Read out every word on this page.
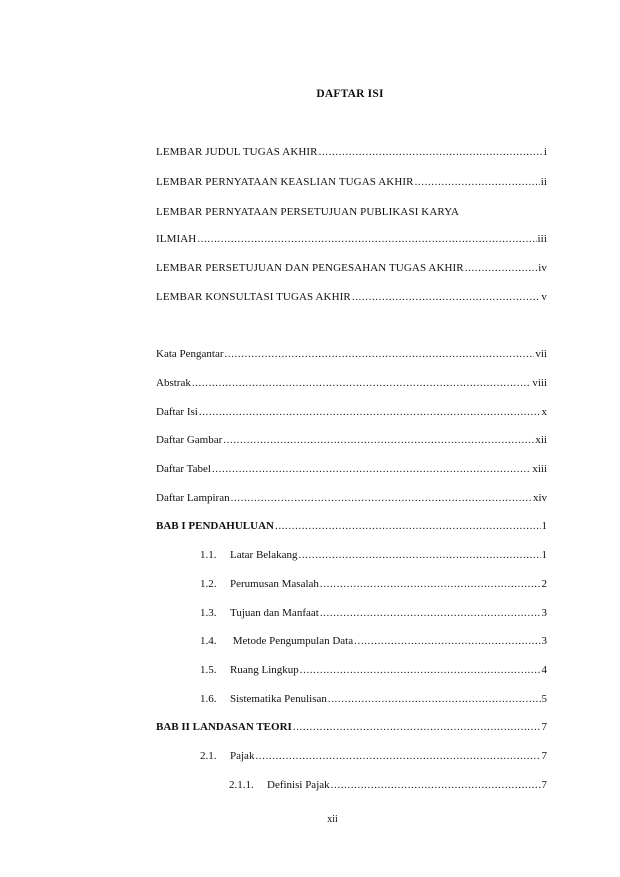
DAFTAR ISI
LEMBAR JUDUL TUGAS AKHIR .....	i
LEMBAR PERNYATAAN KEASLIAN TUGAS AKHIR .....	ii
LEMBAR PERNYATAAN PERSETUJUAN PUBLIKASI KARYA
ILMIAH .....	iii
LEMBAR PERSETUJUAN DAN PENGESAHAN TUGAS AKHIR .....	iv
LEMBAR KONSULTASI TUGAS AKHIR .....	v
Kata Pengantar .....	vii
Abstrak .....	viii
Daftar Isi .....	x
Daftar Gambar .....	xii
Daftar Tabel .....	xiii
Daftar Lampiran .....	xiv
BAB I PENDAHULUAN .....	1
1.1.	Latar Belakang .....	1
1.2.	Perumusan Masalah .....	2
1.3.	Tujuan dan Manfaat .....	3
1.4.	Metode Pengumpulan Data .....	3
1.5.	Ruang Lingkup .....	4
1.6.	Sistematika Penulisan .....	5
BAB II LANDASAN TEORI .....	7
2.1.	Pajak .....	7
2.1.1.	Definisi Pajak .....	7
xii
